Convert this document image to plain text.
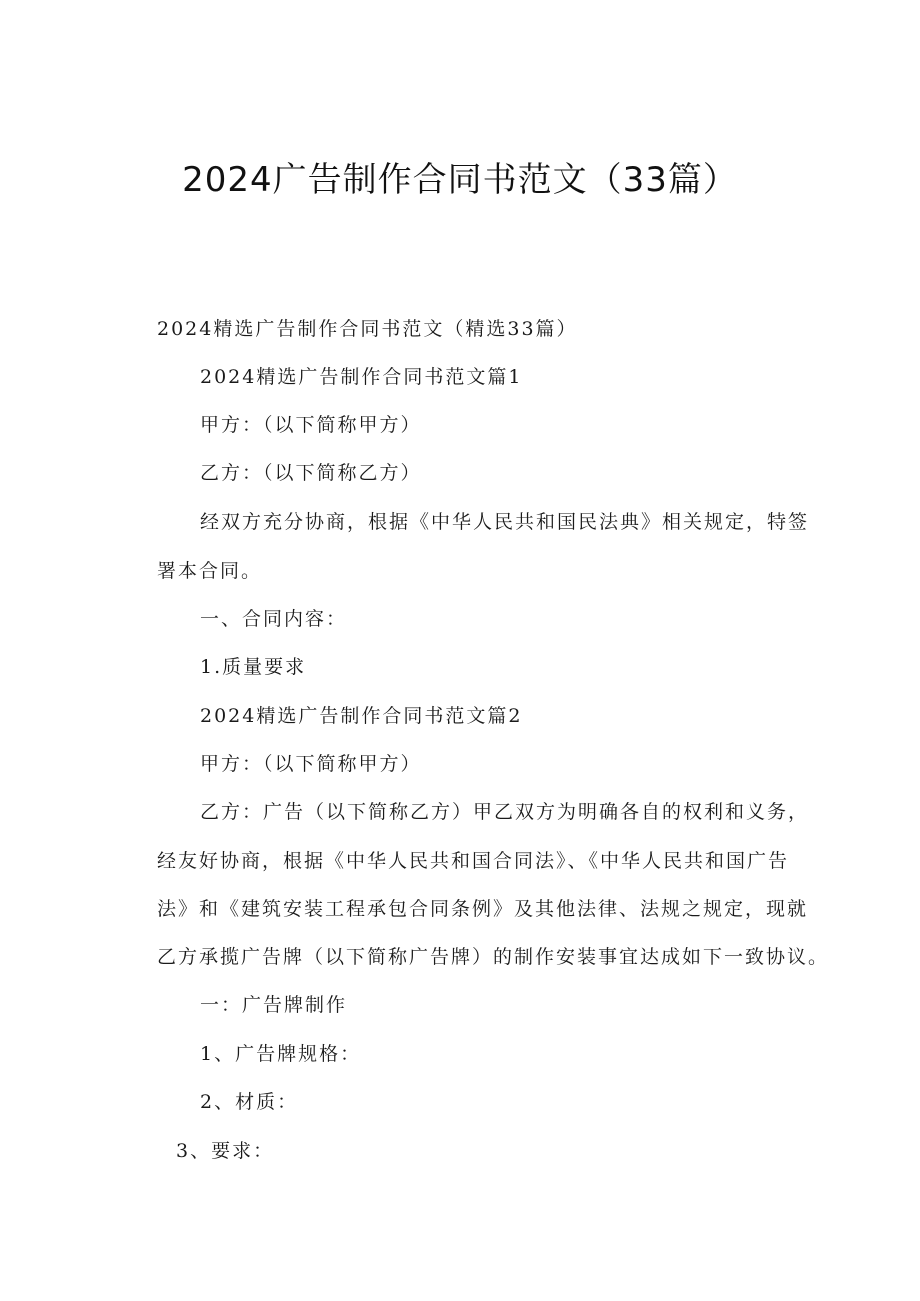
2024广告制作合同书范文（33篇）
2024精选广告制作合同书范文（精选33篇）
2024精选广告制作合同书范文篇1
甲方：（以下简称甲方）
乙方：（以下简称乙方）
经双方充分协商，根据《中华人民共和国民法典》相关规定，特签
署本合同。
一、合同内容：
1.质量要求
2024精选广告制作合同书范文篇2
甲方：（以下简称甲方）
乙方：广告（以下简称乙方）甲乙双方为明确各自的权利和义务，
经友好协商，根据《中华人民共和国合同法》、《中华人民共和国广告
法》和《建筑安装工程承包合同条例》及其他法律、法规之规定，现就
乙方承揽广告牌（以下简称广告牌）的制作安装事宜达成如下一致协议。
一：广告牌制作
1、广告牌规格：
2、材质：
3、要求：
